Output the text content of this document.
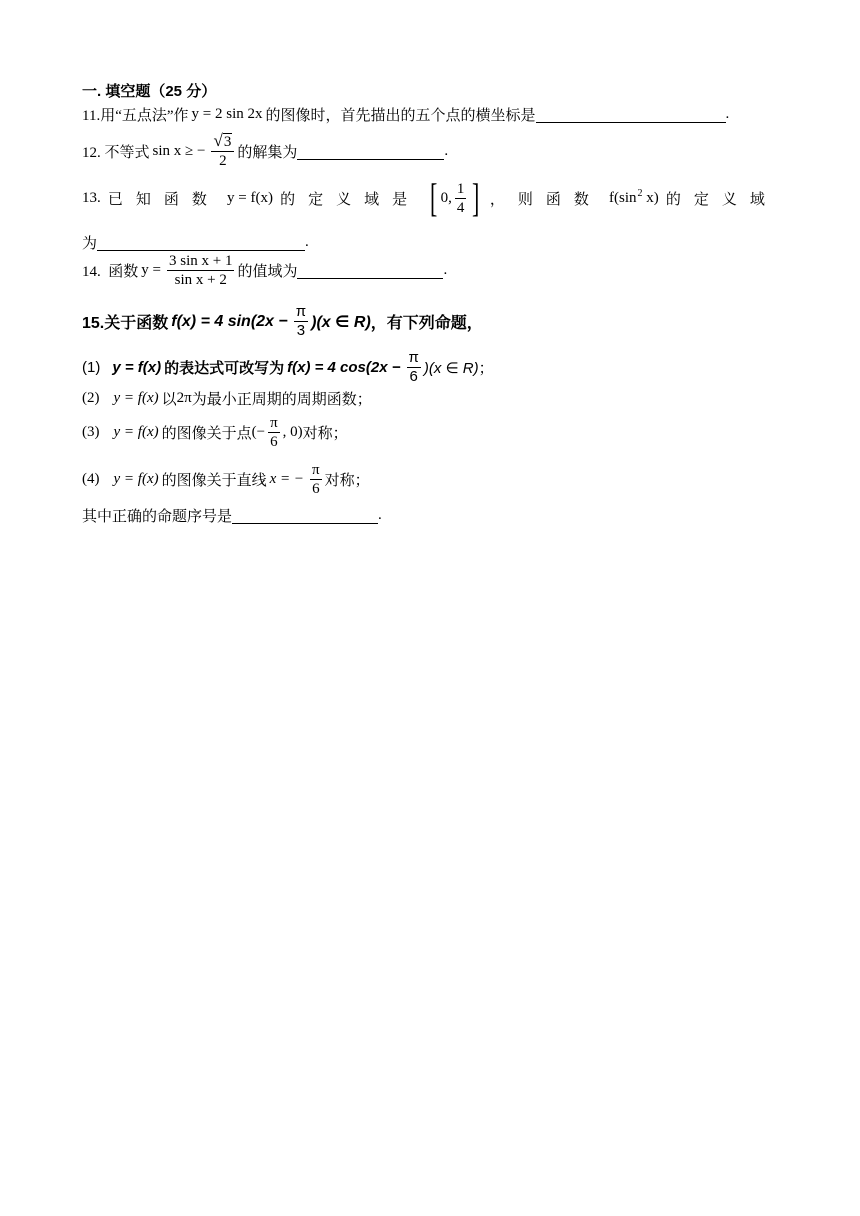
一. 填空题（25 分）
11.用“五点法”作 y = 2 sin 2x 的图像时，首先描出的五个点的横坐标是	.
12. 不等式 sin x ≥ − $\frac{√ 3}{2}$ 的解集为	.
13. 已知函数 y = f(x) 的定义域是 [ 0, $\frac{1}{4}$ ] ，则函数 $f(\sin^2$ x) 的定义域
为	.
14.  函数 $y = \frac{\text{3 sin x + 1}}{\text{sin x + 2}}$ 的值域为	.
15.关于函数 f(x) = 4 $\sin(2x - \frac{\pi}{3} )(x$ ∈ R) ，有下列命题，
(1) y = f(x) 的表达式可改写为 f(x) = 4 $\cos(2x - \frac{\pi}{6} )(x$ ∈ R) ；
(2) y = f(x) 以 2π 为最小正周期的周期函数；
(3) y = f(x) 的图像关于点 (− $\frac{\pi}{6}$ , 0) 对称；
(4) y = f(x) 的图像关于直线 x = − $\frac{\pi}{6}$ 对称；
其中正确的命题序号是	.
